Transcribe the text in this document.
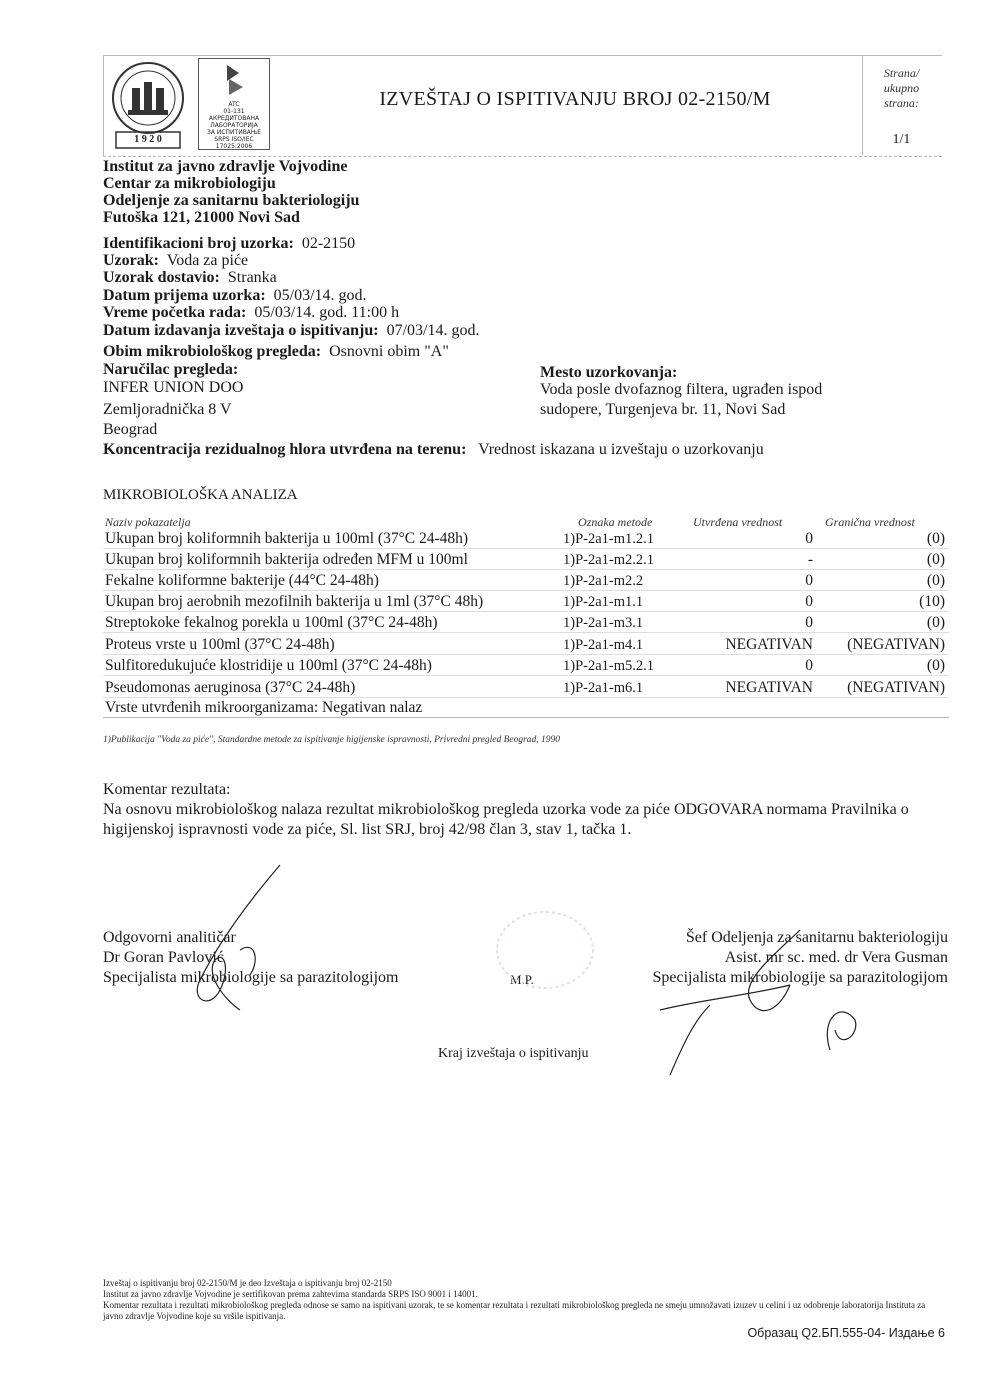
1 9 2 0
ATC
01-131
АКРЕДИТОВАНА
ЛАБОРАТОРИЈА
ЗА ИСПИТИВАЊЕ
SRPS ISO/IEC 17025:2006
IZVEŠTAJ O ISPITIVANJU BROJ 02-2150/M
Strana/
ukupno
strana:
1/1
Institut za javno zdravlje Vojvodine
Centar za mikrobiologiju
Odeljenje za sanitarnu bakteriologiju
Futoška 121, 21000 Novi Sad
Identifikacioni broj uzorka: 02-2150
Uzorak: Voda za piće
Uzorak dostavio: Stranka
Datum prijema uzorka: 05/03/14. god.
Vreme početka rada: 05/03/14. god. 11:00 h
Datum izdavanja izveštaja o ispitivanju: 07/03/14. god.
Obim mikrobiološkog pregleda: Osnovni obim "A"
Naručilac pregleda:
INFER UNION DOO
Zemljoradnička 8 V
Beograd
Mesto uzorkovanja:
Voda posle dvofaznog filtera, ugrađen ispod
sudopere, Turgenjeva br. 11, Novi Sad
Koncentracija rezidualnog hlora utvrđena na terenu: Vrednost iskazana u izveštaju o uzorkovanju
MIKROBIOLOŠKA ANALIZA
Naziv pokazatelja	Oznaka metode	Utvrđena vrednost	Granična vrednost
Ukupan broj koliformnih bakterija u 100ml (37°C 24-48h)	1)P-2a1-m1.2.1	0	(0)
Ukupan broj koliformnih bakterija određen MFM u 100ml	1)P-2a1-m2.2.1	-	(0)
Fekalne koliformne bakterije (44°C 24-48h)	1)P-2a1-m2.2	0	(0)
Ukupan broj aerobnih mezofilnih bakterija u 1ml (37°C 48h)	1)P-2a1-m1.1	0	(10)
Streptokoke fekalnog porekla u 100ml (37°C 24-48h)	1)P-2a1-m3.1	0	(0)
Proteus vrste u 100ml (37°C 24-48h)	1)P-2a1-m4.1	NEGATIVAN	(NEGATIVAN)
Sulfitoredukujuće klostridije u 100ml (37°C 24-48h)	1)P-2a1-m5.2.1	0	(0)
Pseudomonas aeruginosa (37°C 24-48h)	1)P-2a1-m6.1	NEGATIVAN	(NEGATIVAN)
Vrste utvrđenih mikroorganizama: Negativan nalaz
1)Publikacija "Voda za piće", Standardne metode za ispitivanje higijenske ispravnosti, Privredni pregled Beograd, 1990
Komentar rezultata:
Na osnovu mikrobiološkog nalaza rezultat mikrobiološkog pregleda uzorka vode za piće ODGOVARA normama Pravilnika o higijenskoj ispravnosti vode za piće, Sl. list SRJ, broj 42/98 član 3, stav 1, tačka 1.
Odgovorni analitičar
Dr Goran Pavlović
Specijalista mikrobiologije sa parazitologijom	M.P.
Šef Odeljenja za sanitarnu bakteriologiju
Asist. mr sc. med. dr Vera Gusman
Specijalista mikrobiologije sa parazitologijom
Kraj izveštaja o ispitivanju
Izveštaj o ispitivanju broj 02-2150/M je deo Izveštaja o ispitivanju broj 02-2150
Institut za javno zdravlje Vojvodine je sertifikovan prema zahtevima standarda SRPS ISO 9001 i 14001.
Komentar rezultata i rezultati mikrobiološkog pregleda odnose se samo na ispitivani uzorak, te se komentar rezultata i rezultati mikrobiološkog pregleda ne smeju umnožavati izuzev u celini i uz odobrenje laboratorija Instituta za javno zdravlje Vojvodine koje su vršile ispitivanja.
Образац Q2.БП.555-04- Издање 6
